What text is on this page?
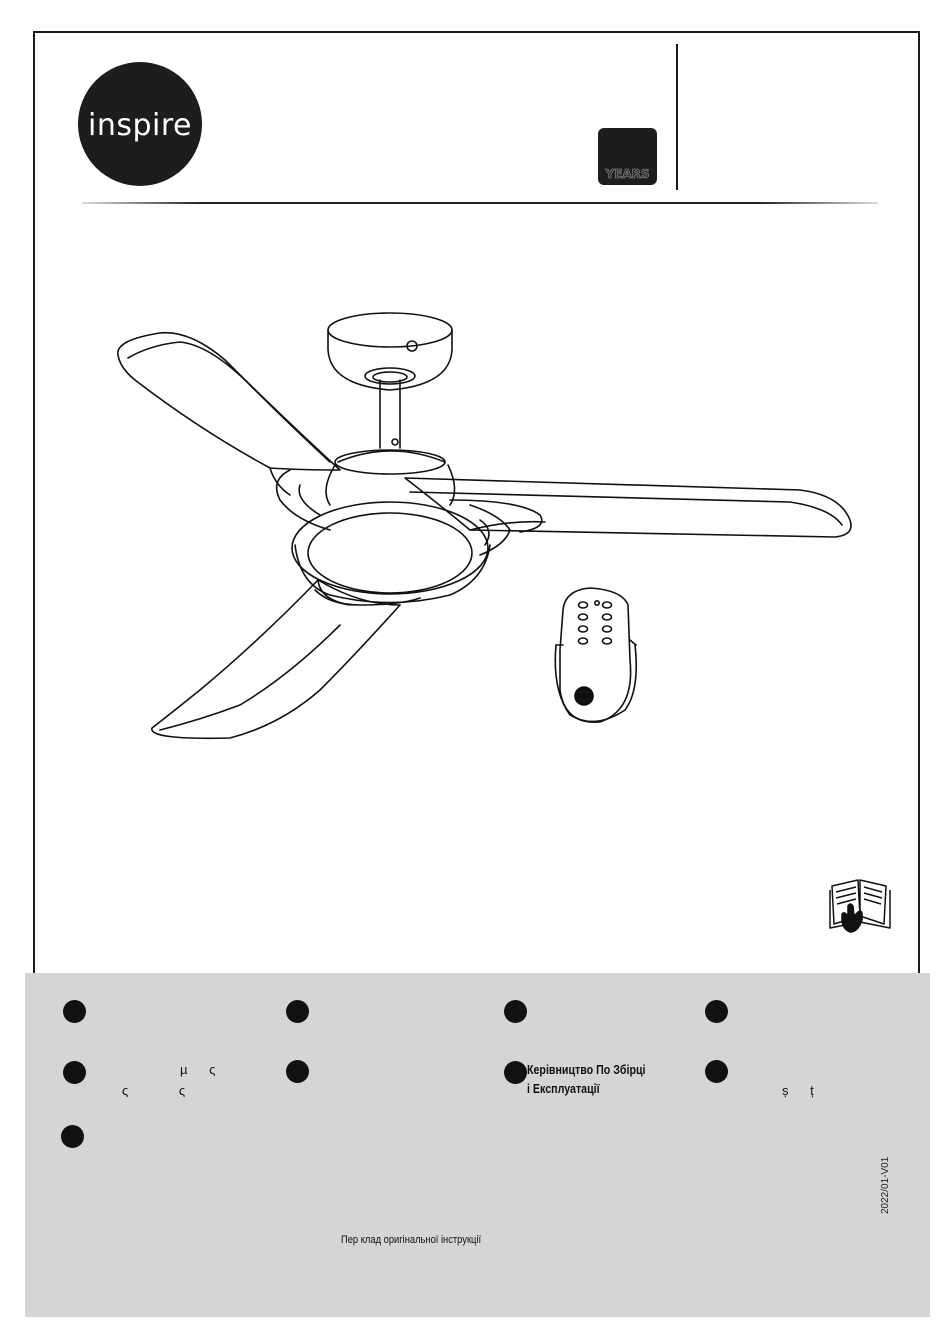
inspire
YEARS
µ      ς
ς              ς
Керівництво По Збірці
і Експлуатації	ș      ț
Пер клад оригінальної інструкції
2022/01-V01
